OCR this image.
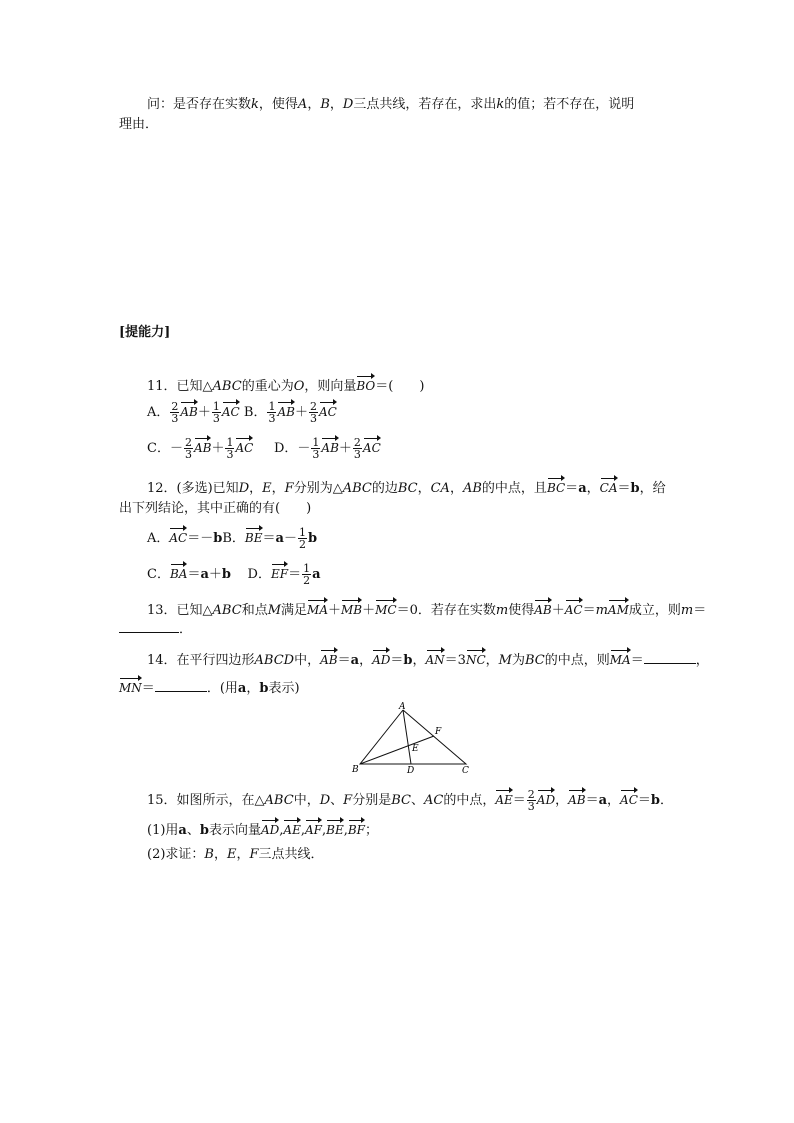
问：是否存在实数k，使得A，B，D三点共线，若存在，求出k的值；若不存在，说明
理由．
[提能力]
11．已知△ABC的重心为O，则向量BO＝(　　)
A． $\frac{2}{3} AB+ \frac{1}{3}$ AC B． $\frac{1}{3} AB+ \frac{2}{3}$ AC
C．－ $\frac{2}{3} AB+ \frac{1}{3}$ AC D．－ $\frac{1}{3} AB+ \frac{2}{3}$ AC
12．(多选)已知D，E，F分别为△ABC的边BC，CA，AB的中点，且BC＝a，CA＝b，给
出下列结论，其中正确的有(　　)
A．AC＝－bB．$BE=a- \frac{1}{2}$ b
C．BA＝a＋b D．$EF= \frac{1}{2}$ a
13．已知△ABC和点M满足MA＋MB＋MC＝0．若存在实数m使得AB＋AC＝mAM成立，则m＝
．
14．在平行四边形ABCD中，AB＝a，AD＝b，AN＝3NC，M为BC的中点，则MA＝	，
MN＝	．(用a，b表示)
A
B	C
D
E
F
15．如图所示，在△ABC中，D、F分别是BC、AC的中点，$AE= \frac{2}{3}$ AD，AB＝a，AC＝b．
(1)用a、b表示向量AD,AE,AF,BE,BF；
(2)求证：B，E，F三点共线．
